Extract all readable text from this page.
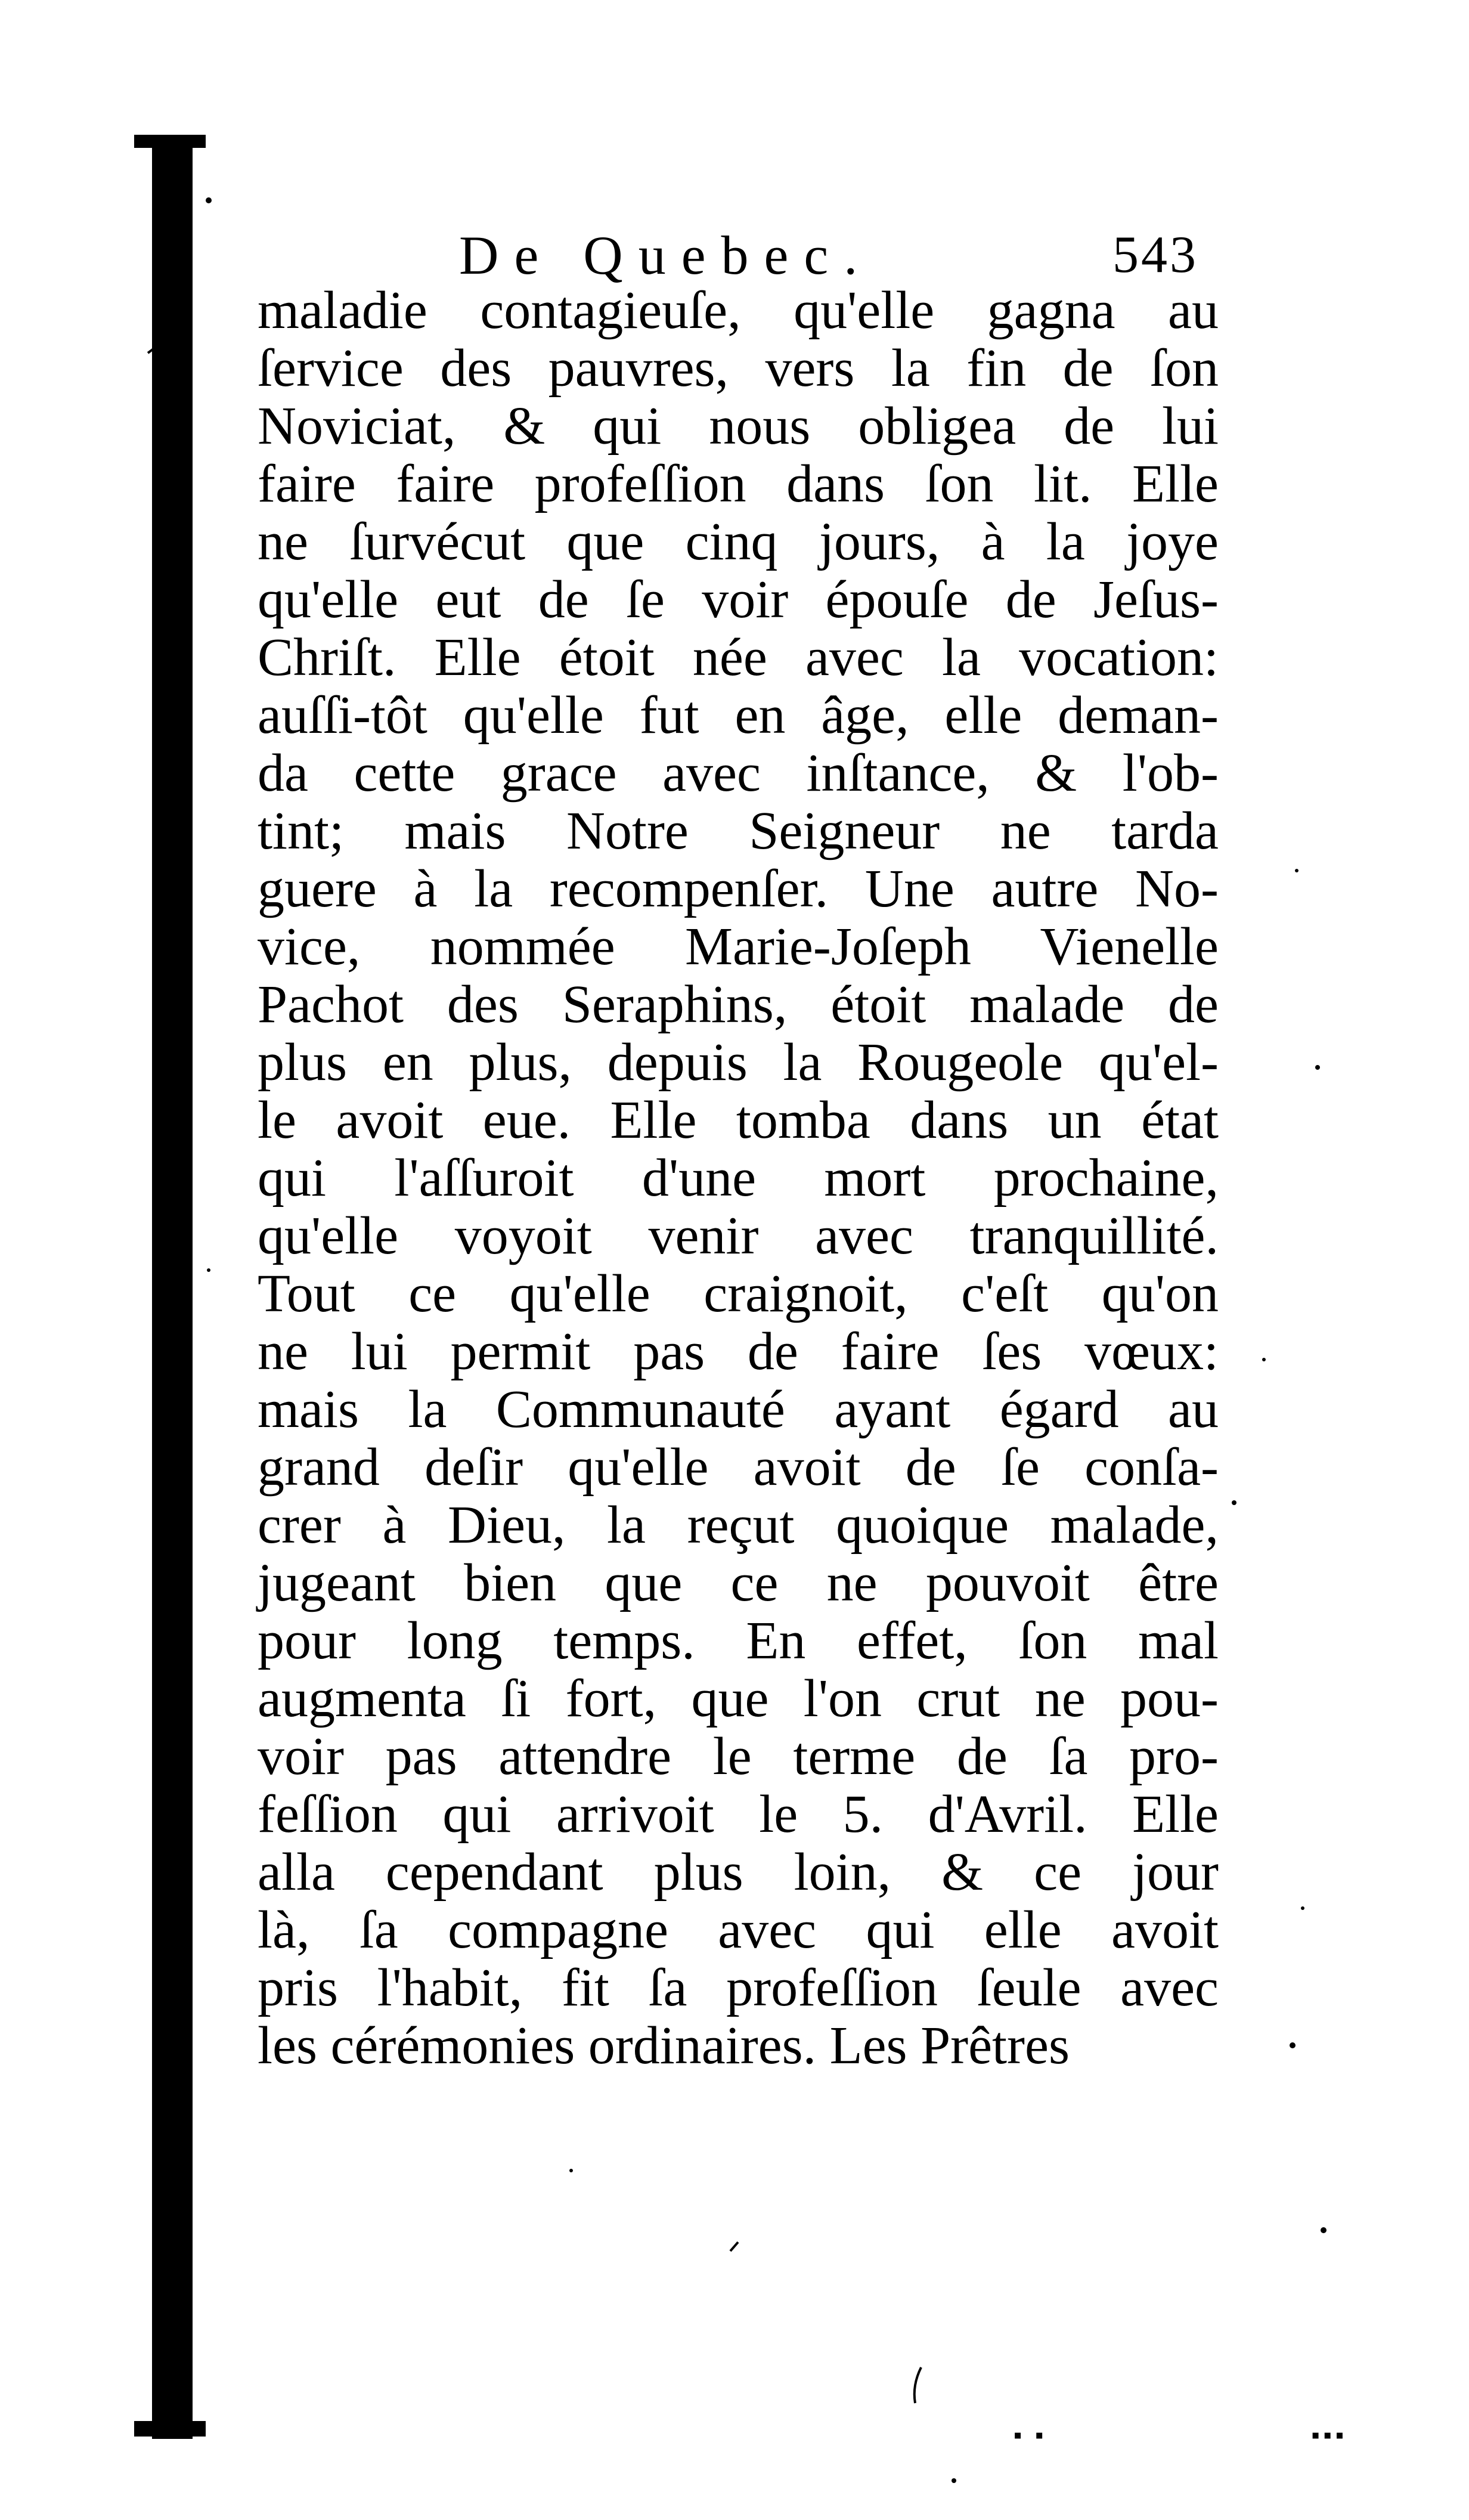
De Quebec.	543
maladie contagieuſe, qu'elle gagna au
ſervice des pauvres, vers la fin de ſon
Noviciat, & qui nous obligea de lui
faire faire profeſſion dans ſon lit. Elle
ne ſurvécut que cinq jours, à la joye
qu'elle eut de ſe voir épouſe de Jeſus-
Chriſt. Elle étoit née avec la vocation:
auſſi-tôt qu'elle fut en âge, elle deman-
da cette grace avec inſtance, & l'ob-
tint; mais Notre Seigneur ne tarda
guere à la recompenſer. Une autre No-
vice, nommée Marie-Joſeph Vienelle
Pachot des Seraphins, étoit malade de
plus en plus, depuis la Rougeole qu'el-
le avoit eue. Elle tomba dans un état
qui l'aſſuroit d'une mort prochaine,
qu'elle voyoit venir avec tranquillité.
Tout ce qu'elle craignoit, c'eſt qu'on
ne lui permit pas de faire ſes vœux:
mais la Communauté ayant égard au
grand deſir qu'elle avoit de ſe conſa-
crer à Dieu, la reçut quoique malade,
jugeant bien que ce ne pouvoit être
pour long temps. En effet, ſon mal
augmenta ſi fort, que l'on crut ne pou-
voir pas attendre le terme de ſa pro-
feſſion qui arrivoit le 5. d'Avril. Elle
alla cependant plus loin, & ce jour
là, ſa compagne avec qui elle avoit
pris l'habit, fit ſa profeſſion ſeule avec
les cérémonies ordinaires. Les Prêtres
▪ ▪	▪▪▪
